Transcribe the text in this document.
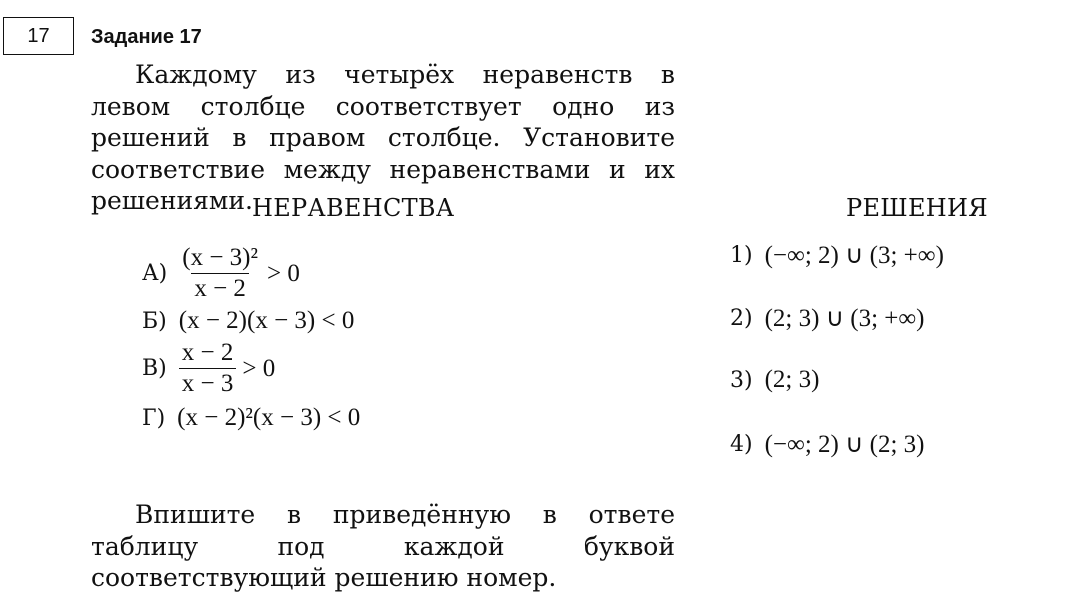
17 Задание 17

Каждому из четырёх неравенств в левом столбце соответствует одно из решений в правом столбце. Установите соответствие между неравенствами и их решениями. НЕРАВЕНСТВА	РЕШЕНИЯ
$А) \frac{\text{(x − 3)²}}{x - 2} > 0$
Б) (x − 2)(x − 3) < 0
$В) \frac{x - 2}{x - 3} > 0$
Г) (x − 2)²(x − 3) < 0
1) (−∞; 2) ∪ (3; +∞)
2) (2; 3) ∪ (3; +∞)
3) (2; 3)
4) (−∞; 2) ∪ (2; 3)

Впишите в приведённую в ответе таблицу под каждой буквой соответствующий решению номер.
